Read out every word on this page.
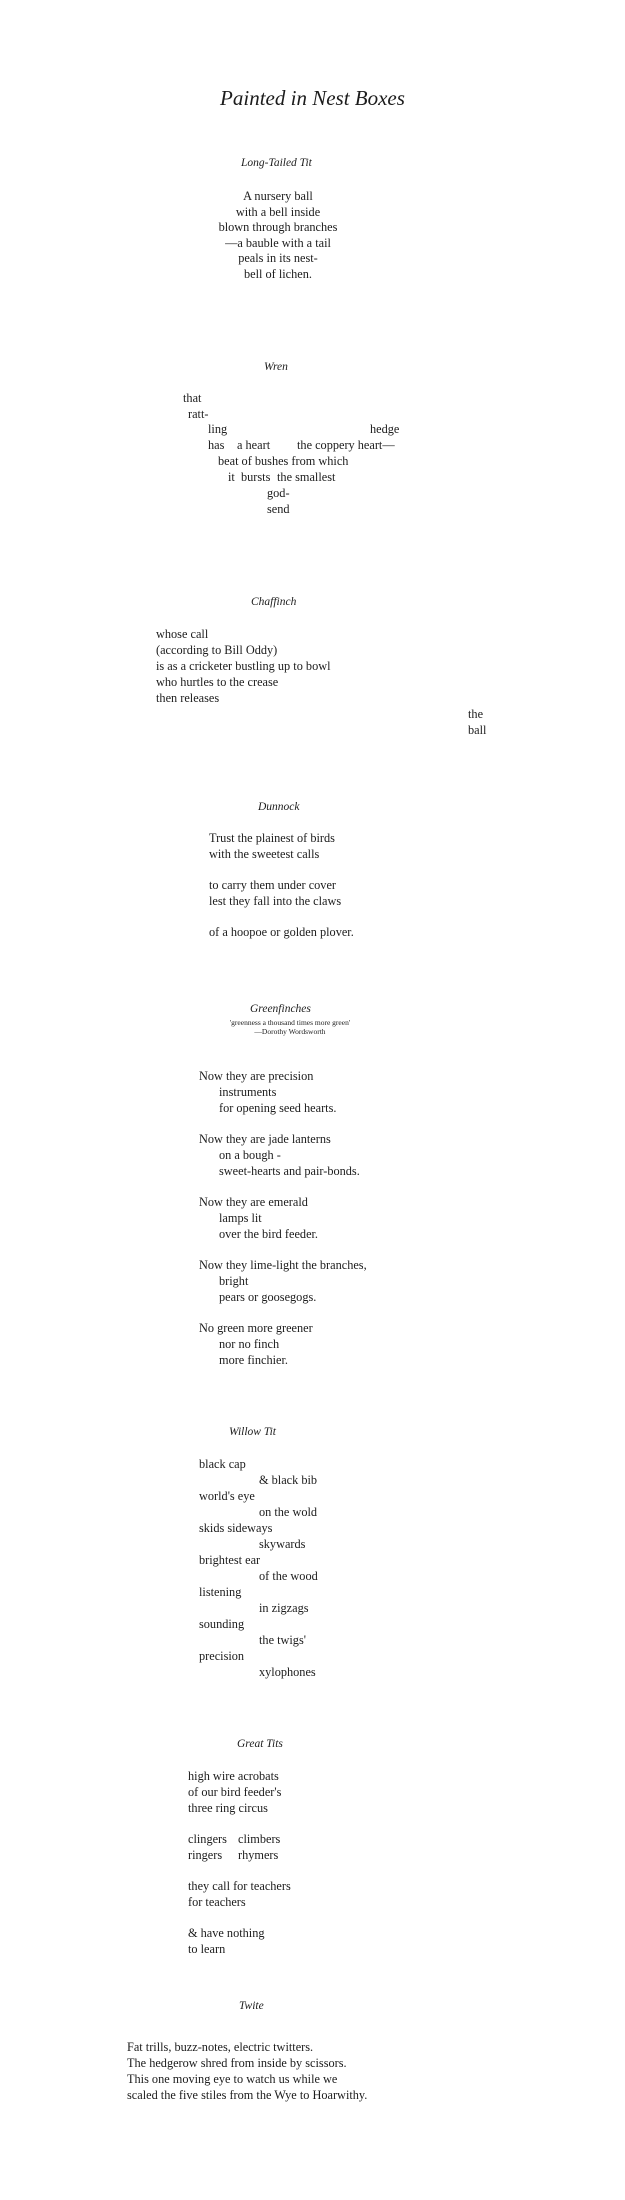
Painted in Nest Boxes
Long-Tailed Tit
A nursery ball
with a bell inside
blown through branches
—a bauble with a tail
peals in its nest-
bell of lichen.
Wren
that
ratt-
ling	hedge
has a heart the coppery heart—
beat of bushes from which
it bursts the smallest
god-
send
Chaffinch
whose call
(according to Bill Oddy)
is as a cricketer bustling up to bowl
who hurtles to the crease
then releases
the
ball
Dunnock
Trust the plainest of birds
with the sweetest calls
to carry them under cover
lest they fall into the claws
of a hoopoe or golden plover.
Greenfinches
'greenness a thousand times more green'
—Dorothy Wordsworth
Now they are precision
instruments
for opening seed hearts.
Now they are jade lanterns
on a bough -
sweet-hearts and pair-bonds.
Now they are emerald
lamps lit
over the bird feeder.
Now they lime-light the branches,
bright
pears or goosegogs.
No green more greener
nor no finch
more finchier.
Willow Tit
black cap
& black bib
world's eye
on the wold
skids sideways
skywards
brightest ear
of the wood
listening
in zigzags
sounding
the twigs'
precision
xylophones
Great Tits
high wire acrobats
of our bird feeder's
three ring circus
clingers climbers
ringers rhymers
they call for teachers
for teachers
& have nothing
to learn
Twite
Fat trills, buzz-notes, electric twitters.
The hedgerow shred from inside by scissors.
This one moving eye to watch us while we
scaled the five stiles from the Wye to Hoarwithy.
